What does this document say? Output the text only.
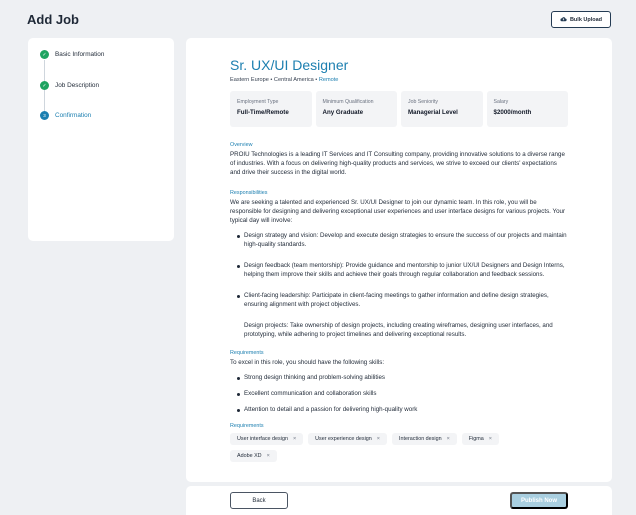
Add Job	Bulk Upload
✓	Basic Information
✓	Job Description
3	Confirmation
Sr. UX/UI Designer
Eastern Europe • Central America • Remote
Employment Type
Full-Time/Remote
Minimum Qualification
Any Graduate
Job Seniority
Managerial Level
Salary
$2000/month
Overview
PROIU Technologies is a leading IT Services and IT Consulting company, providing innovative solutions to a diverse range of industries. With a focus on delivering high-quality products and services, we strive to exceed our clients' expectations and drive their success in the digital world.
Responsibilities
We are seeking a talented and experienced Sr. UX/UI Designer to join our dynamic team. In this role, you will be responsible for designing and delivering exceptional user experiences and user interface designs for various projects. Your typical day will involve:
Design strategy and vision: Develop and execute design strategies to ensure the success of our projects and maintain high-quality standards.
Design feedback (team mentorship): Provide guidance and mentorship to junior UX/UI Designers and Design Interns, helping them improve their skills and achieve their goals through regular collaboration and feedback sessions.
Client-facing leadership: Participate in client-facing meetings to gather information and define design strategies, ensuring alignment with project objectives.
Design projects: Take ownership of design projects, including creating wireframes, designing user interfaces, and prototyping, while adhering to project timelines and delivering exceptional results.
Requirements
To excel in this role, you should have the following skills:
Strong design thinking and problem-solving abilities
Excellent communication and collaboration skills
Attention to detail and a passion for delivering high-quality work
Requirements
User interface design ×	User experience design ×	Interaction design ×	Figma ×
Adobe XD ×
Back	Publish Now
